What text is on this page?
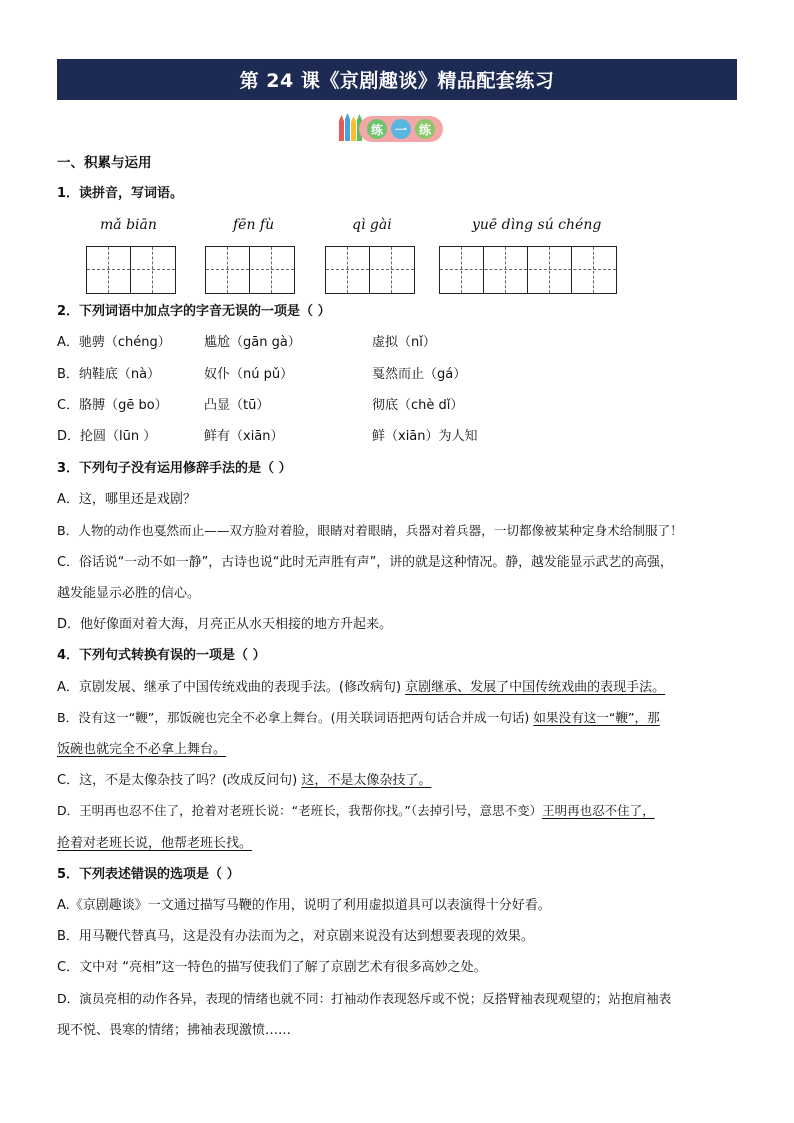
第 24 课《京剧趣谈》精品配套练习
练 一 练
一、积累与运用
1．读拼音，写词语。
mǎ biān	fēn fù	qì gài	yuē dìng sú chéng
2．下列词语中加点字的字音无误的一项是（ ）
A．驰骋（chéng）	尴尬（gān gà）	虚拟（nǐ）
B．纳鞋底（nà）	奴仆（nú pǔ）	戛然而止（gá）
C．胳膊（gē bo）	凸显（tū）	彻底（chè dǐ）
D．抡圆（lūn ）	鲜有（xiān）	鲜（xiān）为人知
3．下列句子没有运用修辞手法的是（ ）
A．这，哪里还是戏剧？
B．人物的动作也戛然而止——双方脸对着脸，眼睛对着眼睛，兵器对着兵器，一切都像被某种定身术给制服了！
C．俗话说“一动不如一静”，古诗也说“此时无声胜有声”，讲的就是这种情况。静，越发能显示武艺的高强，
越发能显示必胜的信心。
D．他好像面对着大海，月亮正从水天相接的地方升起来。
4．下列句式转换有误的一项是（ ）
A．京剧发展、继承了中国传统戏曲的表现手法。(修改病句) 京剧继承、发展了中国传统戏曲的表现手法。
B．没有这一“鞭”，那饭碗也完全不必拿上舞台。(用关联词语把两句话合并成一句话) 如果没有这一“鞭”，那
饭碗也就完全不必拿上舞台。
C．这，不是太像杂技了吗？(改成反问句) 这，不是太像杂技了。
D．王明再也忍不住了，抢着对老班长说：“老班长，我帮你找。”（去掉引号，意思不变）王明再也忍不住了，
抢着对老班长说，他帮老班长找。
5．下列表述错误的选项是（ ）
A.《京剧趣谈》一文通过描写马鞭的作用，说明了利用虚拟道具可以表演得十分好看。
B．用马鞭代替真马，这是没有办法而为之，对京剧来说没有达到想要表现的效果。
C．文中对 “亮相”这一特色的描写使我们了解了京剧艺术有很多高妙之处。
D．演员亮相的动作各异，表现的情绪也就不同：打袖动作表现怒斥或不悦；反搭臂袖表现观望的；站抱肩袖表
现不悦、畏寒的情绪；拂袖表现激愤……
